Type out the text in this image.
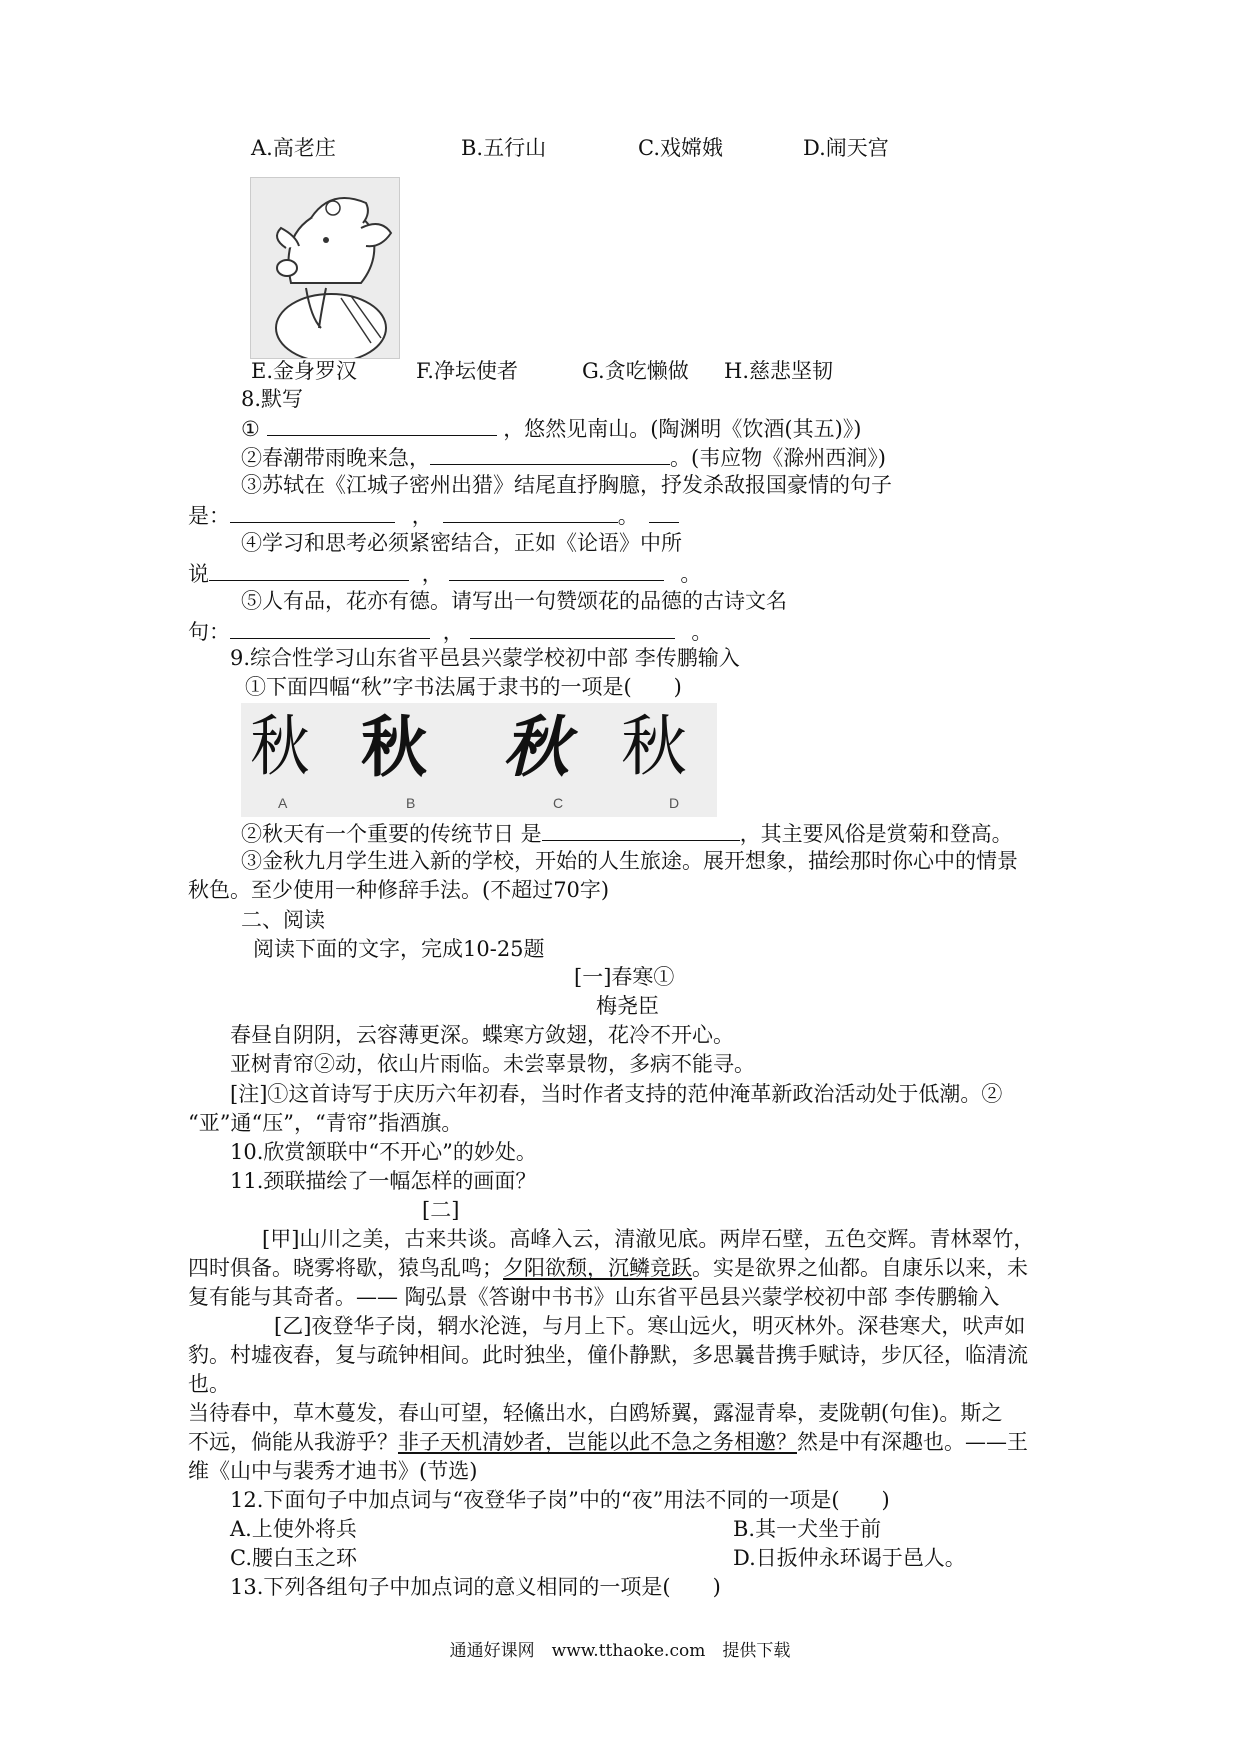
A.高老庄	B.五行山	C.戏嫦娥	D.闹天宫
E.金身罗汉	F.净坛使者	G.贪吃懒做 H.慈悲坚韧
8.默写
①	，悠然见南山。(陶渊明《饮酒(其五)》)
②春潮带雨晚来急，	。(韦应物《滁州西涧》)
③苏轼在《江城子密州出猎》结尾直抒胸臆，抒发杀敌报国豪情的句子
是：	，	。
④学习和思考必须紧密结合，正如《论语》中所
说	，	。
⑤人有品，花亦有德。请写出一句赞颂花的品德的古诗文名
句：	，	。
9.综合性学习山东省平邑县兴蒙学校初中部 李传鹏输入
①下面四幅“秋”字书法属于隶书的一项是(　　)
秋 秋 秋 秋
A	B	C	D
②秋天有一个重要的传统节日 是	，其主要风俗是赏菊和登高。
③金秋九月学生进入新的学校，开始的人生旅途。展开想象，描绘那时你心中的情景
秋色。至少使用一种修辞手法。(不超过70字)
二、阅读
阅读下面的文字，完成10-25题
[一]春寒①
梅尧臣
春昼自阴阴，云容薄更深。蝶寒方敛翅，花冷不开心。
亚树青帘②动，依山片雨临。未尝辜景物，多病不能寻。
[注]①这首诗写于庆历六年初春，当时作者支持的范仲淹革新政治活动处于低潮。②
“亚”通“压”，“青帘”指酒旗。
10.欣赏颔联中“不开心”的妙处。
11.颈联描绘了一幅怎样的画面？
[二]
[甲]山川之美，古来共谈。高峰入云，清澈见底。两岸石壁，五色交辉。青林翠竹，
四时俱备。晓雾将歇，猿鸟乱鸣；夕阳欲颓，沉鳞竞跃。实是欲界之仙都。自康乐以来，未
复有能与其奇者。—— 陶弘景《答谢中书书》山东省平邑县兴蒙学校初中部 李传鹏输入
[乙]夜登华子岗，辋水沦涟，与月上下。寒山远火，明灭林外。深巷寒犬，吠声如
豹。村墟夜舂，复与疏钟相间。此时独坐，僮仆静默，多思曩昔携手赋诗，步仄径，临清流
也。
当待春中，草木蔓发，春山可望，轻鯈出水，白鸥矫翼，露湿青皋，麦陇朝(句隹)。斯之
不远，倘能从我游乎？非子天机清妙者，岂能以此不急之务相邀？然是中有深趣也。——王
维《山中与裴秀才迪书》(节选)
12.下面句子中加点词与“夜登华子岗”中的“夜”用法不同的一项是(　　)
A.上使外将兵	B.其一犬坐于前
C.腰白玉之环	D.日扳仲永环谒于邑人。
13.下列各组句子中加点词的意义相同的一项是(　　)
通通好课网　www.tthaoke.com　提供下载
